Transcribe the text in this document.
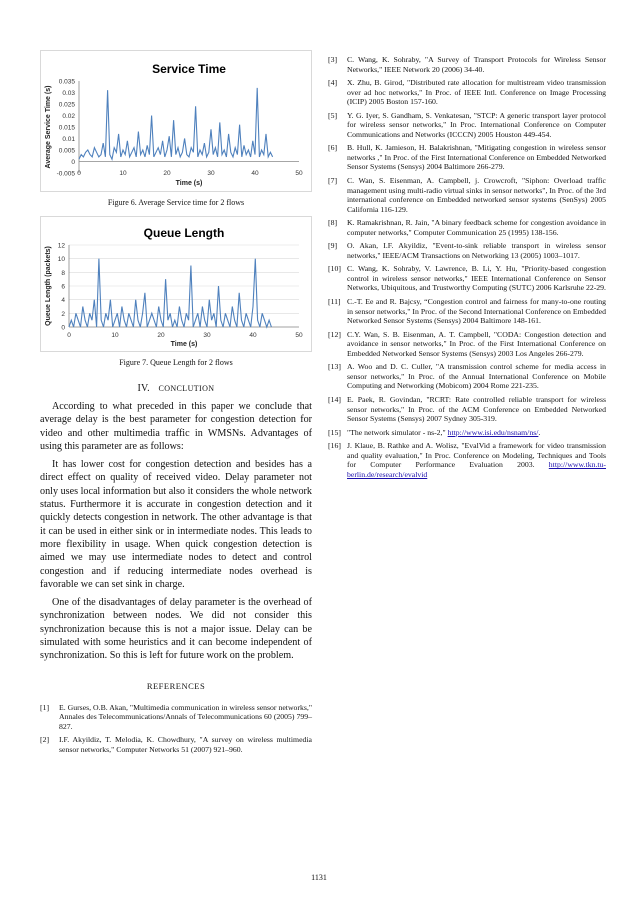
Service Time
-0.005
0
0.005
0.01
0.015
0.02
0.025
0.03
0.035
0	10	20	30	40	50
Time (s)
Average Service Time (s)

Figure 6. Average Service time for 2 flows

Queue Length
0
2
4
6
8
10
12
0	10	20	30	40	50
Time (s)
Queue Length (packets)

Figure 7. Queue Length for 2 flows

IV. CONCLUTION

According to what preceded in this paper we conclude that average delay is the best parameter for congestion detection for video and other multimedia traffic in WMSNs. Advantages of using this parameter are as follows:

It has lower cost for congestion detection and besides has a direct effect on quality of received video. Delay parameter not only uses local information but also it considers the whole network status. Furthermore it is accurate in congestion detection and it quickly detects congestion in network. The other advantage is that it can be used in either sink or in intermediate nodes. This leads to more flexibility in usage. When quick congestion detection is aimed we may use intermediate nodes to detect and control congestion and if reducing intermediate nodes overhead is favorable we can set sink in charge.

One of the disadvantages of delay parameter is the overhead of synchronization between nodes. We did not consider this synchronization because this is not a major issue. Delay can be simulated with some heuristics and it can become independent of synchronization. So this is left for future work on the problem.

REFERENCES

[1]	E. Gurses, O.B. Akan, "Multimedia communication in wireless sensor networks," Annales des Telecommunications/Annals of Telecommunications 60 (2005) 799–827.
[2]	I.F. Akyildiz, T. Melodia, K. Chowdhury, "A survey on wireless multimedia sensor networks," Computer Networks 51 (2007) 921–960.
[3]	C. Wang, K. Sohraby, "A Survey of Transport Protocols for Wireless Sensor Networks," IEEE Network 20 (2006) 34-40.
[4]	X. Zhu, B. Girod, "Distributed rate allocation for multistream video transmission over ad hoc networks," In Proc. of IEEE Intl. Conference on Image Processing (ICIP) 2005 Boston 157-160.
[5]	Y. G. Iyer, S. Gandham, S. Venkatesan, "STCP: A generic transport layer protocol for wireless sensor networks," In Proc. International Conference on Computer Communications and Networks (ICCCN) 2005 Houston 449-454.
[6]	B. Hull, K. Jamieson, H. Balakrishnan, "Mitigating congestion in wireless sensor networks ," In Proc. of the First International Conference on Embedded Networked Sensor Systems (Sensys) 2004 Baltimore 266-279.
[7]	C. Wan, S. Eisenman, A. Campbell, j. Crowcroft, "Siphon: Overload traffic management using multi-radio virtual sinks in sensor networks", In Proc. of the 3rd international conference on Embedded networked sensor systems (SenSys) 2005 California 116-129.
[8]	K. Ramakrishnan, R. Jain, "A binary feedback scheme for congestion avoidance in computer networks," Computer Communication 25 (1995) 138-156.
[9]	O. Akan, I.F. Akyildiz, "Event-to-sink reliable transport in wireless sensor networks," IEEE/ACM Transactions on Networking 13 (2005) 1003–1017.
[10] C. Wang, K. Sohraby, V. Lawrence, B. Li, Y. Hu, "Priority-based congestion control in wireless sensor networks," IEEE International Conference on Sensor Networks, Ubiquitous, and Trustworthy Computing (SUTC) 2006 Karlsruhe 22-29.
[11] C.-T. Ee and R. Bajcsy, “Congestion control and fairness for many-to-one routing in sensor networks," In Proc. of the Second International Conference on Embedded Networked Sensor Systems (Sensys) 2004 Baltimore 148-161.
[12] C.Y. Wan, S. B. Eisenman, A. T. Campbell, "CODA: Congestion detection and avoidance in sensor networks," In Proc. of the First International Conference on Embedded Networked Sensor Systems (Sensys) 2003 Los Angeles 266-279.
[13] A. Woo and D. C. Culler, "A transmission control scheme for media access in sensor networks," In Proc. of the Annual International Conference on Mobile Computing and Networking (Mobicom) 2004 Rome 221-235.
[14] E. Paek, R. Govindan, "RCRT: Rate controlled reliable transport for wireless sensor networks," In Proc. of the ACM Conference on Embedded Networked Sensor Systems (Sensys) 2007 Sydney 305-319.
[15] "The network simulator - ns-2," http://www.isi.edu/nsnam/ns/.
[16] J. Klaue, B. Rathke and A. Wolisz, "EvalVid a framework for video transmission and quality evaluation," In Proc. Conference on Modeling, Techniques and Tools for Computer Performance Evaluation 2003. http://www.tkn.tu-berlin.de/research/evalvid
1131
